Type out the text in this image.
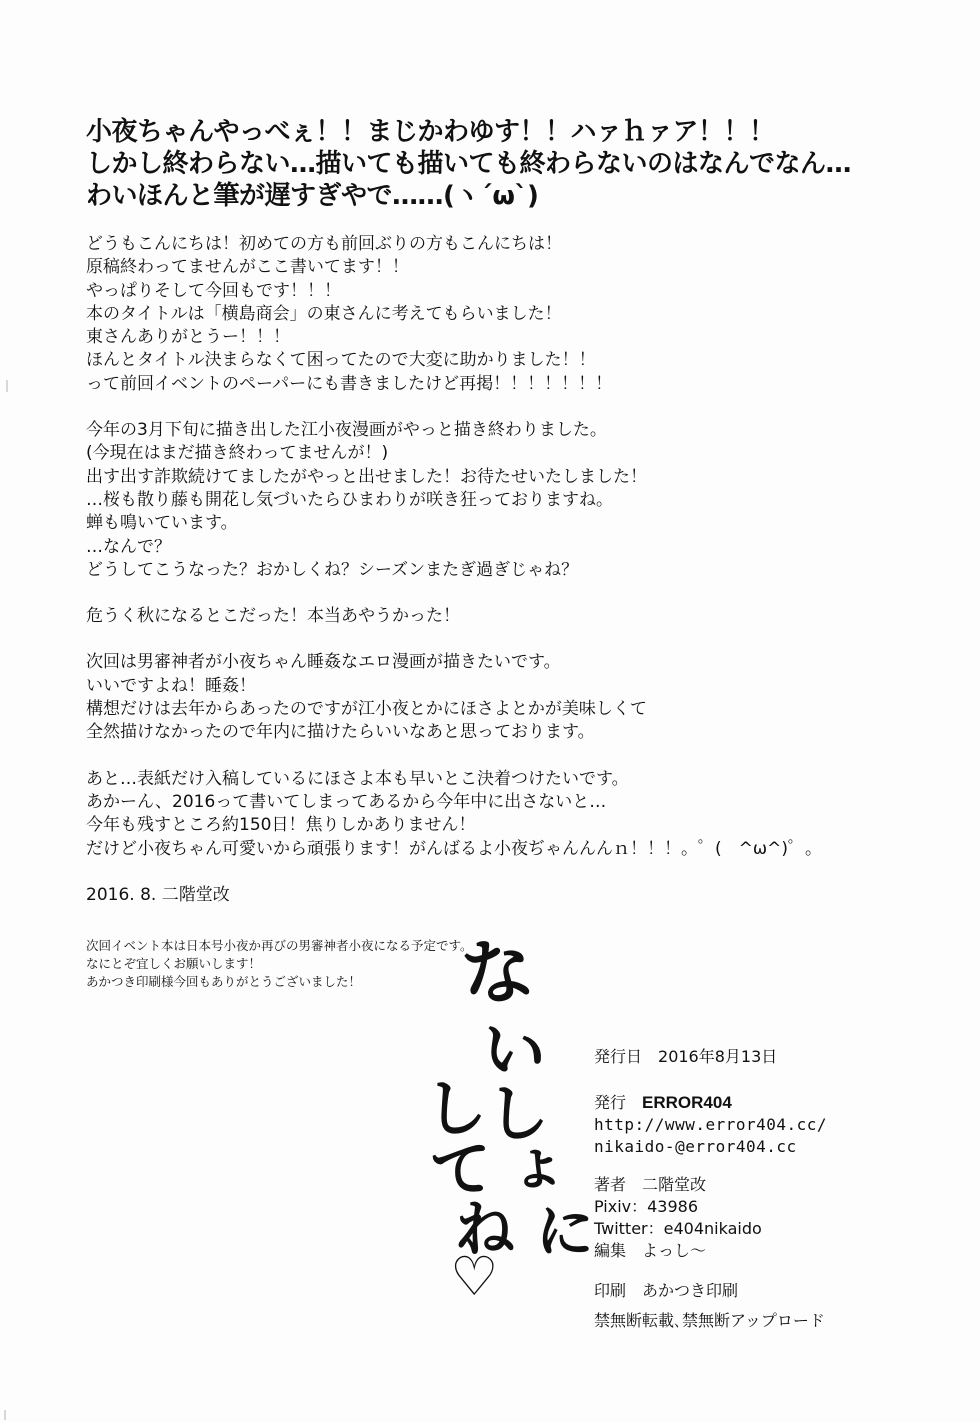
小夜ちゃんやっべぇ！！まじかわゆす！！ハァｈァア！！！
しかし終わらない…描いても描いても終わらないのはなんでなん…
わいほんと筆が遅すぎやで……(ヽ´ω`)
どうもこんにちは！初めての方も前回ぶりの方もこんにちは！
原稿終わってませんがここ書いてます！！
やっぱりそして今回もです！！！
本のタイトルは「横島商会」の東さんに考えてもらいました！
東さんありがとうー！！！
ほんとタイトル決まらなくて困ってたので大変に助かりました！！
って前回イベントのペーパーにも書きましたけど再掲！！！！！！！
今年の3月下旬に描き出した江小夜漫画がやっと描き終わりました。
(今現在はまだ描き終わってませんが！)
出す出す詐欺続けてましたがやっと出せました！お待たせいたしました！
…桜も散り藤も開花し気づいたらひまわりが咲き狂っておりますね。
蝉も鳴いています。
…なんで？
どうしてこうなった？おかしくね？シーズンまたぎ過ぎじゃね？
危うく秋になるとこだった！本当あやうかった！
次回は男審神者が小夜ちゃん睡姦なエロ漫画が描きたいです。
いいですよね！睡姦！
構想だけは去年からあったのですが江小夜とかにほさよとかが美味しくて
全然描けなかったので年内に描けたらいいなあと思っております。
あと…表紙だけ入稿しているにほさよ本も早いとこ決着つけたいです。
あかーん、2016って書いてしまってあるから今年中に出さないと…
今年も残すところ約150日！焦りしかありません！
だけど小夜ちゃん可愛いから頑張ります！がんばるよ小夜ぢゃんんんｎ！！！。゜(　^ω^)゜。
2016. 8. 二階堂改
次回イベント本は日本号小夜か再びの男審神者小夜になる予定です。
なにとぞ宜しくお願いします！
あかつき印刷様今回もありがとうございました！	な
い
し
ょ
に
し
て
ね
♡
発行日 2016年8月13日
発行 ERROR404
http://www.error404.cc/
nikaido-@error404.cc
著者 二階堂改
Pixiv：43986
Twitter：e404nikaido
編集 よっし～
印刷 あかつき印刷
禁無断転載､禁無断アップロード
